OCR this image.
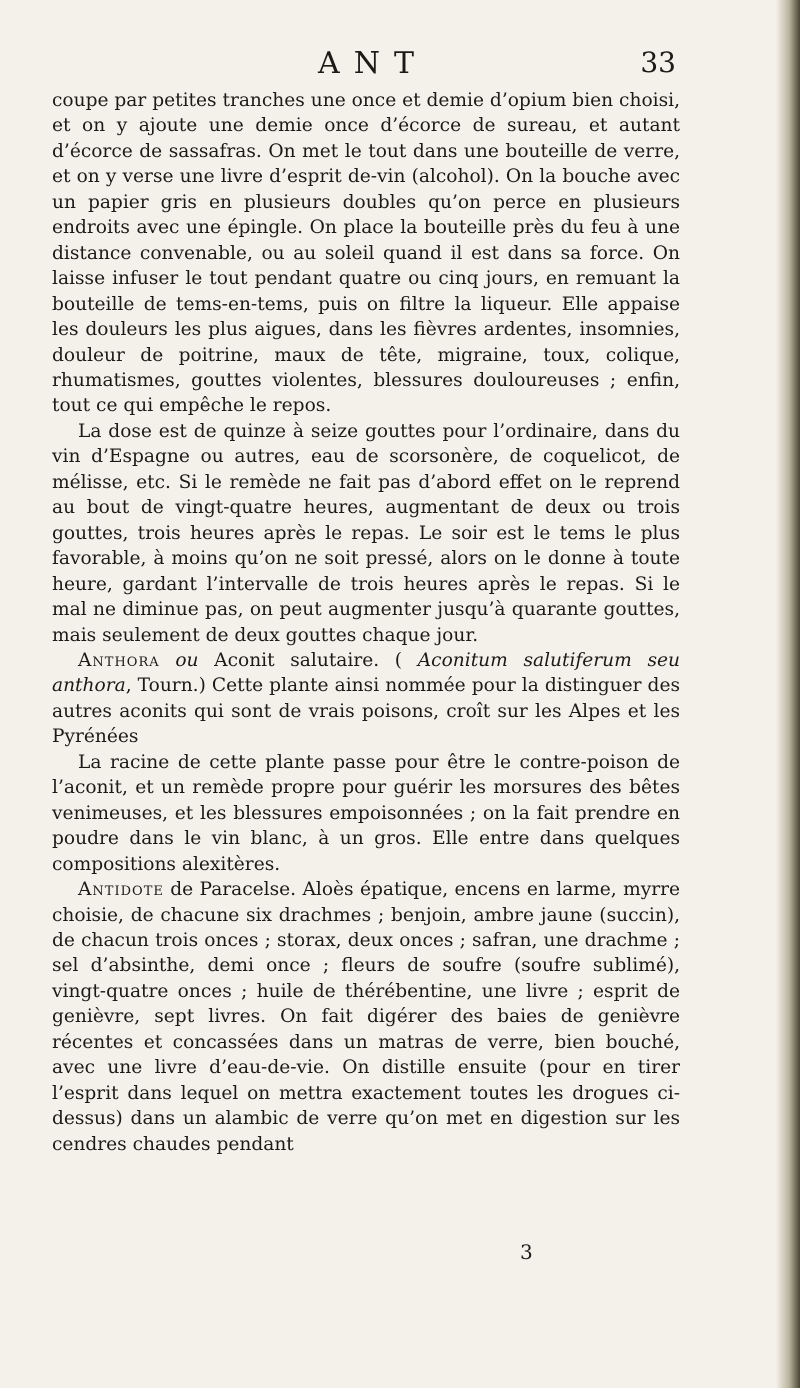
ANT	33

coupe par petites tranches une once et demie d’opium bien choisi, et on y ajoute une demie once d’écorce de sureau, et autant d’écorce de sassafras. On met le tout dans une bouteille de verre, et on y verse une livre d’esprit de-vin (alcohol). On la bouche avec un papier gris en plusieurs doubles qu’on perce en plusieurs endroits avec une épingle. On place la bouteille près du feu à une distance convenable, ou au soleil quand il est dans sa force. On laisse infuser le tout pendant quatre ou cinq jours, en remuant la bouteille de tems-en-tems, puis on filtre la liqueur. Elle appaise les douleurs les plus aigues, dans les fièvres ardentes, insomnies, douleur de poitrine, maux de tête, migraine, toux, colique, rhumatismes, gouttes violentes, blessures douloureuses ; enfin, tout ce qui empêche le repos.

La dose est de quinze à seize gouttes pour l’ordinaire, dans du vin d’Espagne ou autres, eau de scorsonère, de coquelicot, de mélisse, etc. Si le remède ne fait pas d’abord effet on le reprend au bout de vingt-quatre heures, augmentant de deux ou trois gouttes, trois heures après le repas. Le soir est le tems le plus favorable, à moins qu’on ne soit pressé, alors on le donne à toute heure, gardant l’intervalle de trois heures après le repas. Si le mal ne diminue pas, on peut augmenter jusqu’à quarante gouttes, mais seulement de deux gouttes chaque jour.

Anthora ou Aconit salutaire. ( Aconitum salutiferum seu anthora, Tourn.) Cette plante ainsi nommée pour la distinguer des autres aconits qui sont de vrais poisons, croît sur les Alpes et les Pyrénées

La racine de cette plante passe pour être le contre-poison de l’aconit, et un remède propre pour guérir les morsures des bêtes venimeuses, et les blessures empoisonnées ; on la fait prendre en poudre dans le vin blanc, à un gros. Elle entre dans quelques compositions alexitères.

Antidote de Paracelse. Aloès épatique, encens en larme, myrre choisie, de chacune six drachmes ; benjoin, ambre jaune (succin), de chacun trois onces ; storax, deux onces ; safran, une drachme ; sel d’absinthe, demi once ; fleurs de soufre (soufre sublimé), vingt-quatre onces ; huile de thérébentine, une livre ; esprit de genièvre, sept livres. On fait digérer des baies de genièvre récentes et concassées dans un matras de verre, bien bouché, avec une livre d’eau-de-vie. On distille ensuite (pour en tirer l’esprit dans lequel on mettra exactement toutes les drogues ci-dessus) dans un alambic de verre qu’on met en digestion sur les cendres chaudes pendant

3
